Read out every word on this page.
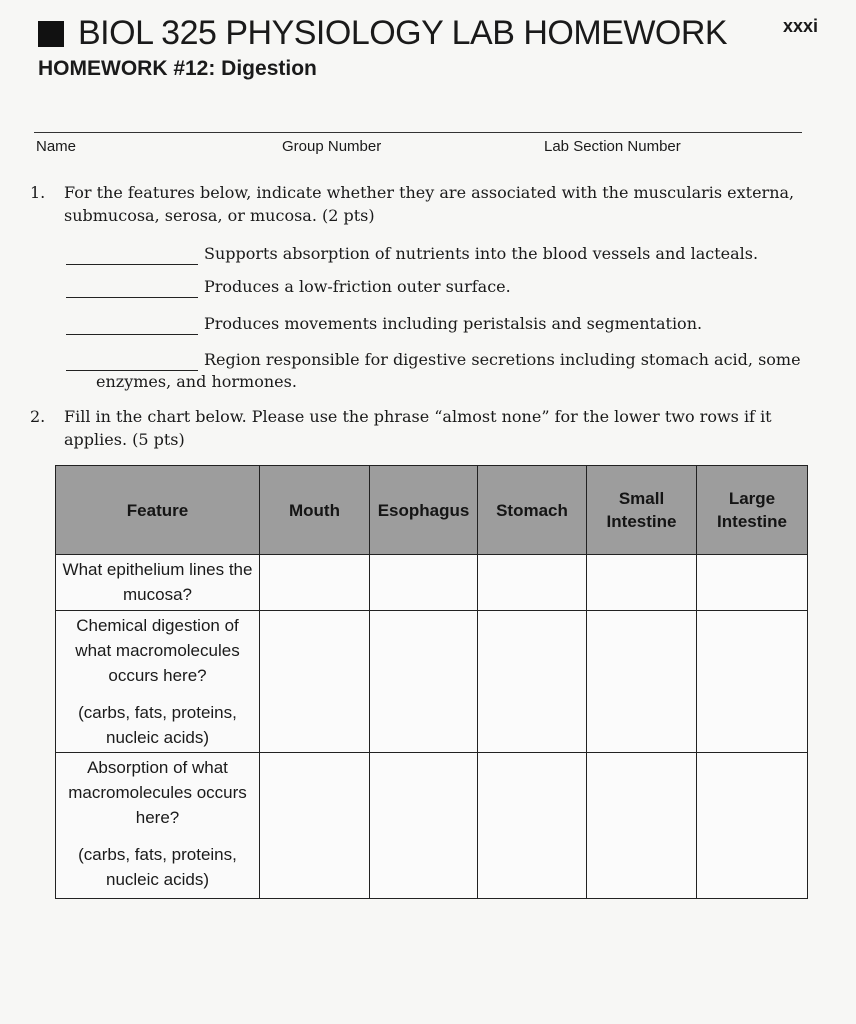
BIOL 325 PHYSIOLOGY LAB HOMEWORK	xxxi
HOMEWORK #12: Digestion
Name	Group Number	Lab Section Number
1. For the features below, indicate whether they are associated with the muscularis externa, submucosa, serosa, or mucosa. (2 pts)
Supports absorption of nutrients into the blood vessels and lacteals.
Produces a low-friction outer surface.
Produces movements including peristalsis and segmentation.
Region responsible for digestive secretions including stomach acid, some
enzymes, and hormones.
2. Fill in the chart below. Please use the phrase “almost none” for the lower two rows if it applies. (5 pts)
Feature	Mouth	Esophagus	Stomach	Small Intestine	Large Intestine

What epithelium lines the mucosa?					

Chemical digestion of what macromolecules occurs here?
(carbs, fats, proteins, nucleic acids)					

Absorption of what macromolecules occurs here?
(carbs, fats, proteins, nucleic acids)					
